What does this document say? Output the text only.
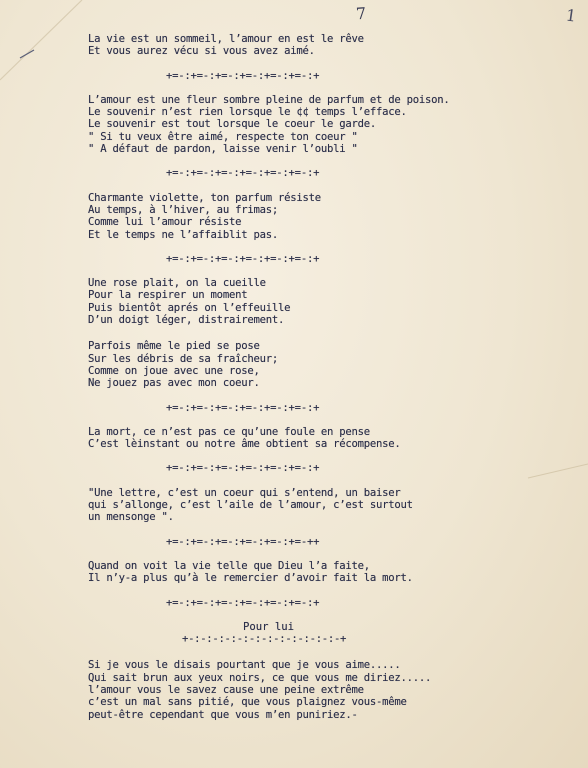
7	1
La vie est un sommeil, l’amour en est le rêve
Et vous aurez vécu si vous avez aimé.
+=-:+=-:+=-:+=-:+=-:+=-:+
L’amour est une fleur sombre pleine de parfum et de poison.
Le souvenir n’est rien lorsque le ¢¢ temps l’efface.
Le souvenir est tout lorsque le coeur le garde.
" Si tu veux être aimé, respecte ton coeur "
" A défaut de pardon, laisse venir l’oubli "
+=-:+=-:+=-:+=-:+=-:+=-:+
Charmante violette, ton parfum résiste
Au temps, à l’hiver, au frimas;
Comme lui l’amour résiste
Et le temps ne l’affaiblit pas.
+=-:+=-:+=-:+=-:+=-:+=-:+
Une rose plait, on la cueille
Pour la respirer un moment
Puis bientôt aprés on l’effeuille
D’un doigt léger, distrairement.
Parfois même le pied se pose
Sur les débris de sa fraîcheur;
Comme on joue avec une rose,
Ne jouez pas avec mon coeur.
+=-:+=-:+=-:+=-:+=-:+=-:+
La mort, ce n’est pas ce qu’une foule en pense
C’est lèinstant ou notre âme obtient sa récompense.
+=-:+=-:+=-:+=-:+=-:+=-:+
"Une lettre, c’est un coeur qui s’entend, un baiser
qui s’allonge, c’est l’aile de l’amour, c’est surtout
un mensonge ".
+=-:+=-:+=-:+=-:+=-:+=-++
Quand on voit la vie telle que Dieu l’a faite,
Il n’y-a plus qu’à le remercier d’avoir fait la mort.
+=-:+=-:+=-:+=-:+=-:+=-:+
Pour lui
+-:-:-:-:-:-:-:-:-:-:-:-:-+
Si je vous le disais pourtant que je vous aime.....
Qui sait brun aux yeux noirs, ce que vous me diriez.....
l’amour vous le savez cause une peine extrême
c’est un mal sans pitié, que vous plaignez vous-même
peut-être cependant que vous m’en puniriez.-
